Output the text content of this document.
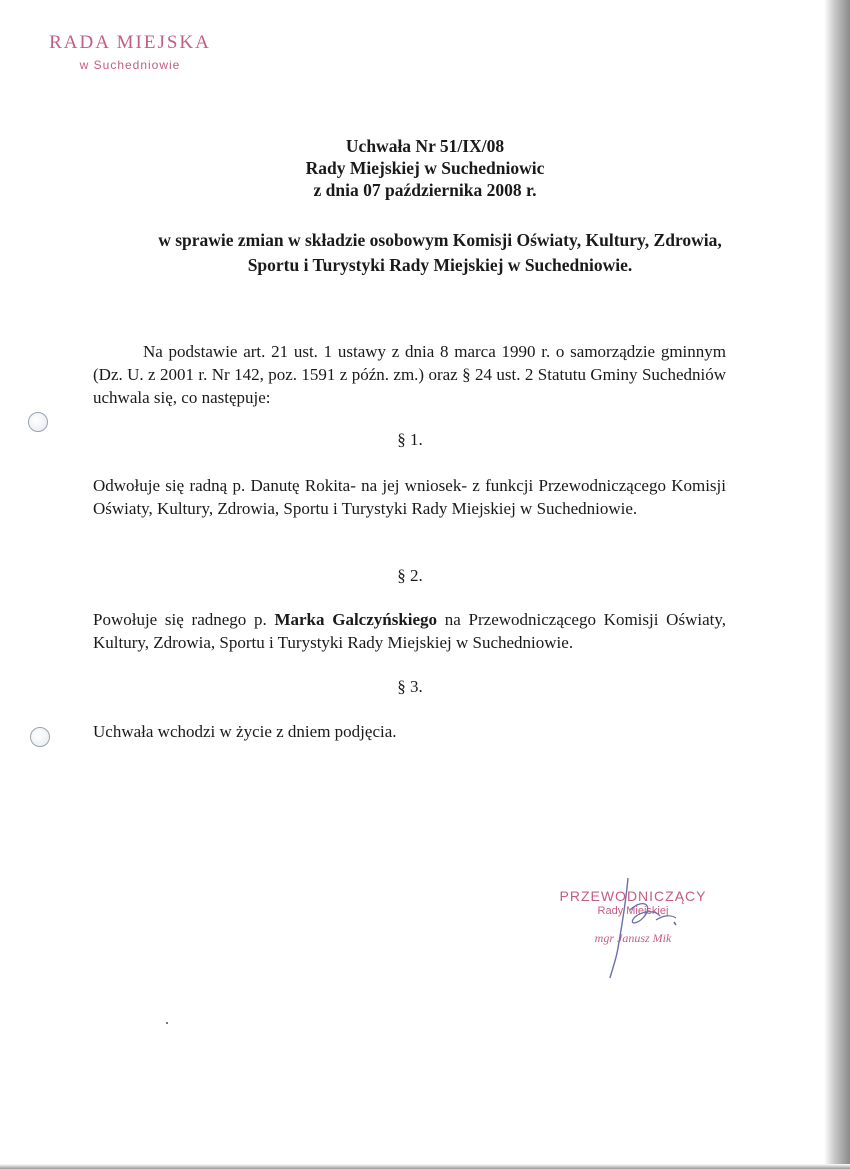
RADA MIEJSKA
w Suchedniowie
Uchwała Nr 51/IX/08
Rady Miejskiej w Suchedniowic
z dnia 07 października 2008 r.
w sprawie zmian w składzie osobowym Komisji Oświaty, Kultury, Zdrowia,
Sportu i Turystyki Rady Miejskiej w Suchedniowie.
Na podstawie art. 21 ust. 1 ustawy z dnia 8 marca 1990 r. o samorządzie gminnym (Dz. U. z 2001 r. Nr 142, poz. 1591 z późn. zm.) oraz § 24 ust. 2 Statutu Gminy Suchedniów uchwala się, co następuje:
§ 1.
Odwołuje się radną p. Danutę Rokita- na jej wniosek- z funkcji Przewodniczącego Komisji Oświaty, Kultury, Zdrowia, Sportu i Turystyki Rady Miejskiej w Suchedniowie.
§ 2.
Powołuje się radnego p. Marka Galczyńskiego na Przewodniczącego Komisji Oświaty, Kultury, Zdrowia, Sportu i Turystyki Rady Miejskiej w Suchedniowie.
§ 3.
Uchwała wchodzi w życie z dniem podjęcia.
PRZEWODNICZĄCY
Rady Miejskiej
mgr Janusz Mik
